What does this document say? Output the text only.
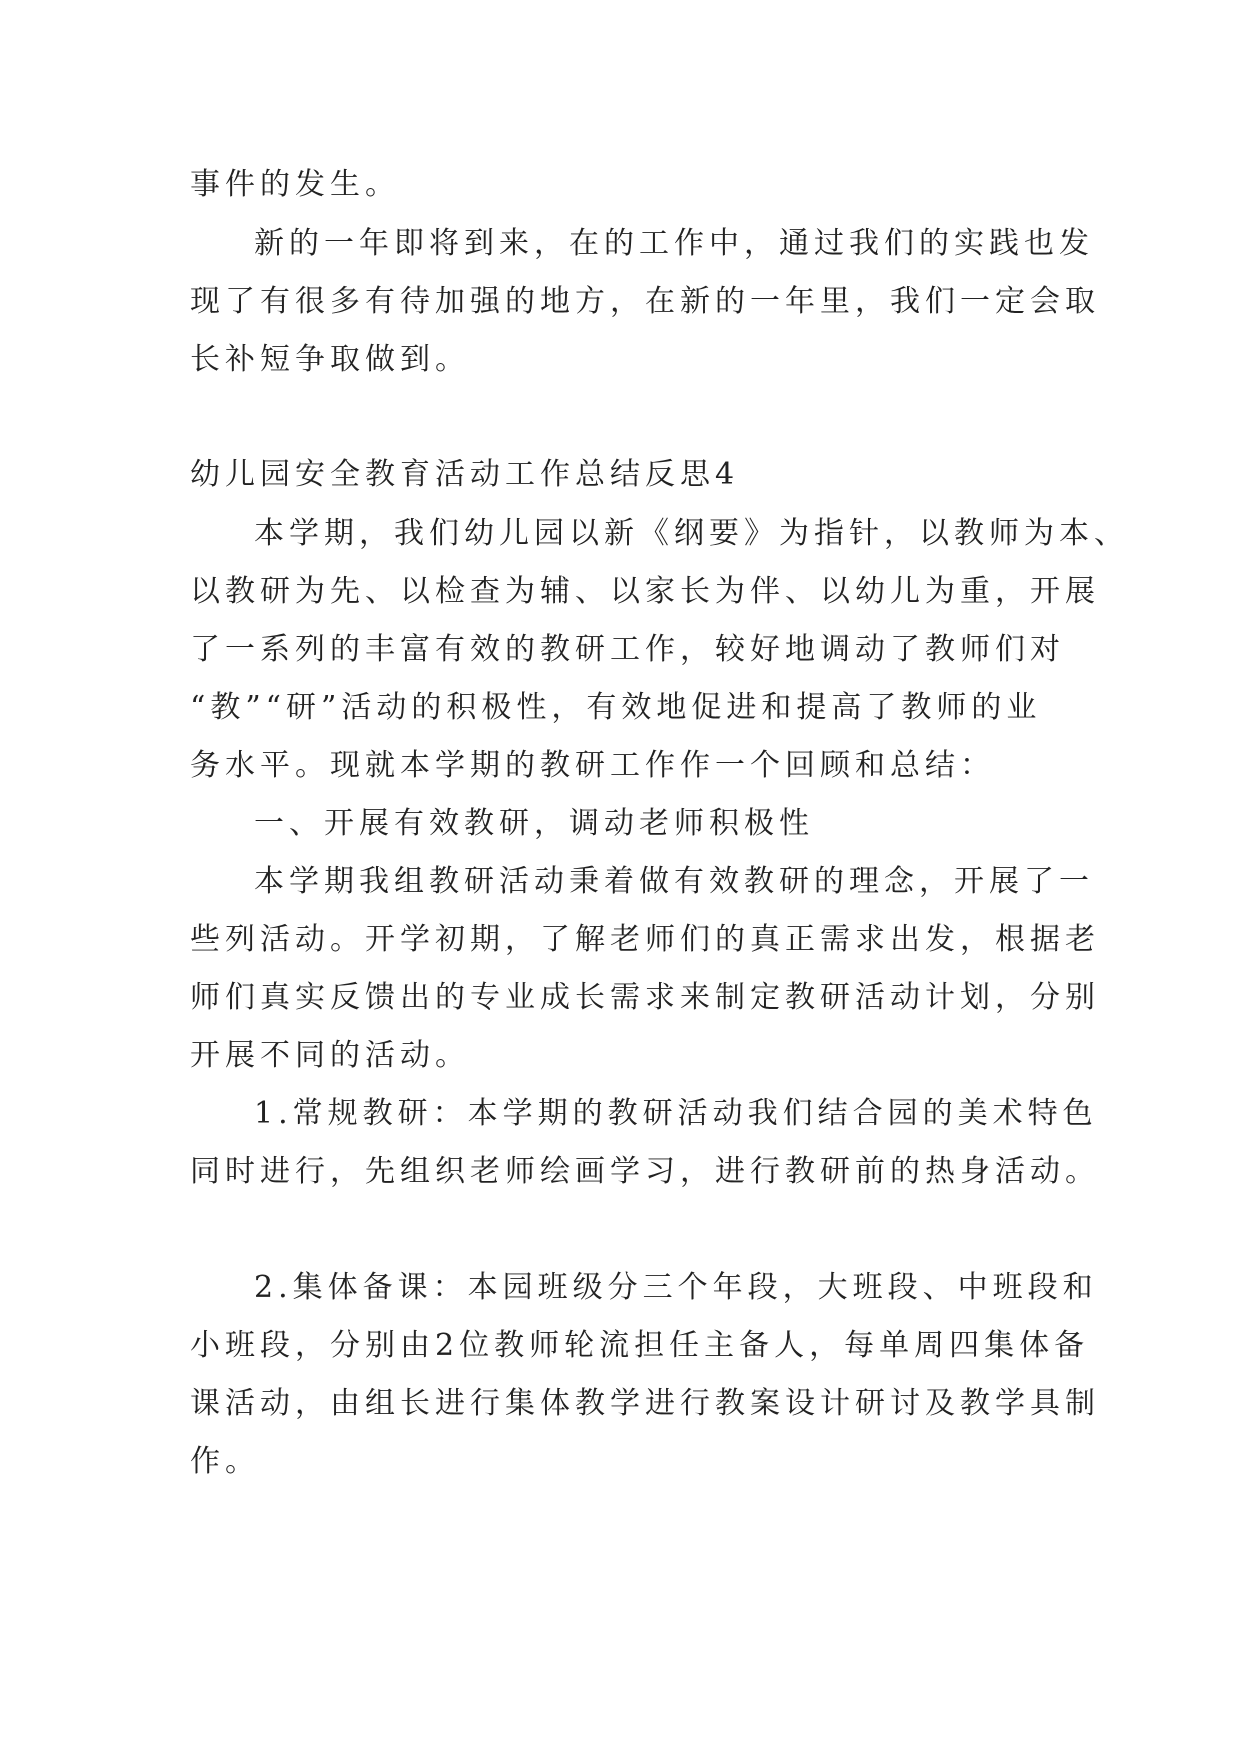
事件的发生。
新的一年即将到来，在的工作中，通过我们的实践也发
现了有很多有待加强的地方，在新的一年里，我们一定会取
长补短争取做到。
幼儿园安全教育活动工作总结反思4
本学期，我们幼儿园以新《纲要》为指针，以教师为本、
以教研为先、以检查为辅、以家长为伴、以幼儿为重，开展
了一系列的丰富有效的教研工作，较好地调动了教师们对
“教”“研”活动的积极性，有效地促进和提高了教师的业
务水平。现就本学期的教研工作作一个回顾和总结：
一、开展有效教研，调动老师积极性
本学期我组教研活动秉着做有效教研的理念，开展了一
些列活动。开学初期，了解老师们的真正需求出发，根据老
师们真实反馈出的专业成长需求来制定教研活动计划，分别
开展不同的活动。
1.常规教研：本学期的教研活动我们结合园的美术特色
同时进行，先组织老师绘画学习，进行教研前的热身活动。
2.集体备课：本园班级分三个年段，大班段、中班段和
小班段，分别由2位教师轮流担任主备人，每单周四集体备
课活动，由组长进行集体教学进行教案设计研讨及教学具制
作。
